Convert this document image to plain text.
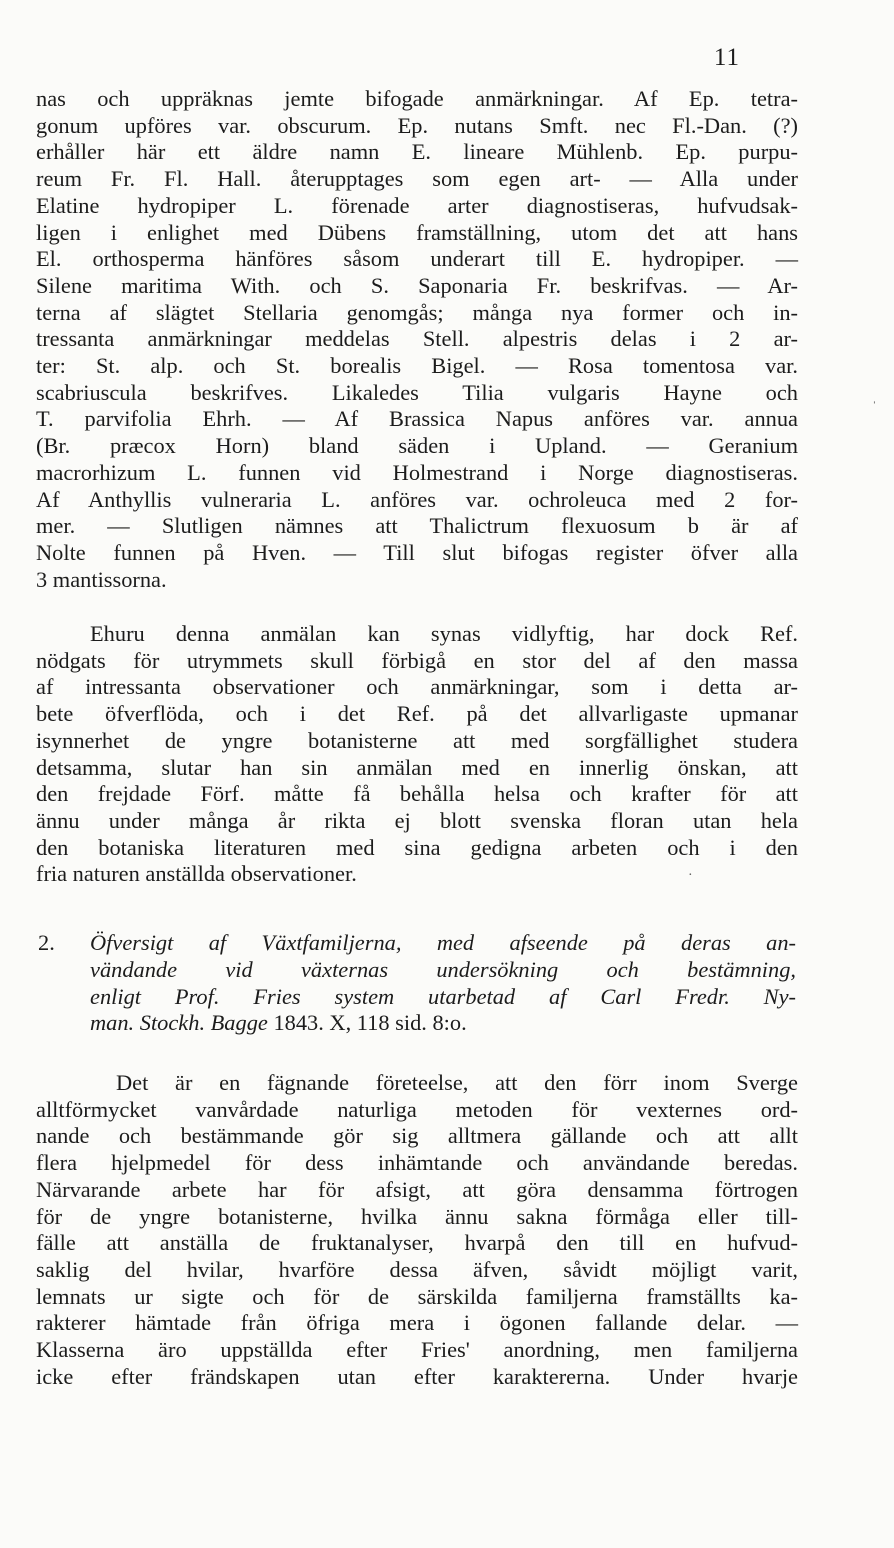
11

nas och uppräknas jemte bifogade anmärkningar. Af Ep. tetra-
gonum upföres var. obscurum. Ep. nutans Smft. nec Fl.-Dan. (?)
erhåller här ett äldre namn E. lineare Mühlenb. Ep. purpu-
reum Fr. Fl. Hall. återupptages som egen art- — Alla under
Elatine hydropiper L. förenade arter diagnostiseras, hufvudsak-
ligen i enlighet med Dübens framställning, utom det att hans
El. orthosperma hänföres såsom underart till E. hydropiper. —
Silene maritima With. och S. Saponaria Fr. beskrifvas. — Ar-
terna af slägtet Stellaria genomgås; många nya former och in-
tressanta anmärkningar meddelas Stell. alpestris delas i 2 ar-
ter: St. alp. och St. borealis Bigel. — Rosa tomentosa var.
scabriuscula beskrifves. Likaledes Tilia vulgaris Hayne och
T. parvifolia Ehrh. — Af Brassica Napus anföres var. annua
(Br. præcox Horn) bland säden i Upland. — Geranium
macrorhizum L. funnen vid Holmestrand i Norge diagnostiseras.
Af Anthyllis vulneraria L. anföres var. ochroleuca med 2 for-
mer. — Slutligen nämnes att Thalictrum flexuosum b är af
Nolte funnen på Hven. — Till slut bifogas register öfver alla
3 mantissorna.
Ehuru denna anmälan kan synas vidlyftig, har dock Ref.
nödgats för utrymmets skull förbigå en stor del af den massa
af intressanta observationer och anmärkningar, som i detta ar-
bete öfverflöda, och i det Ref. på det allvarligaste upmanar
isynnerhet de yngre botanisterne att med sorgfällighet studera
detsamma, slutar han sin anmälan med en innerlig önskan, att
den frejdade Förf. måtte få behålla helsa och krafter för att
ännu under många år rikta ej blott svenska floran utan hela
den botaniska literaturen med sina gedigna arbeten och i den
fria naturen anställda observationer.
2. Öfversigt af Växtfamiljerna, med afseende på deras an-
vändande vid växternas undersökning och bestämning,
enligt Prof. Fries system utarbetad af Carl Fredr. Ny-
man. Stockh. Bagge 1843. X, 118 sid. 8:o.
Det är en fägnande företeelse, att den förr inom Sverge
alltförmycket vanvårdade naturliga metoden för vexternes ord-
nande och bestämmande gör sig alltmera gällande och att allt
flera hjelpmedel för dess inhämtande och användande beredas.
Närvarande arbete har för afsigt, att göra densamma förtrogen
för de yngre botanisterne, hvilka ännu sakna förmåga eller till-
fälle att anställa de fruktanalyser, hvarpå den till en hufvud-
saklig del hvilar, hvarföre dessa äfven, såvidt möjligt varit,
lemnats ur sigte och för de särskilda familjerna framställts ka-
rakterer hämtade från öfriga mera i ögonen fallande delar. —
Klasserna äro uppställda efter Fries' anordning, men familjerna
icke efter frändskapen utan efter karaktererna. Under hvarje
ˈ
·
